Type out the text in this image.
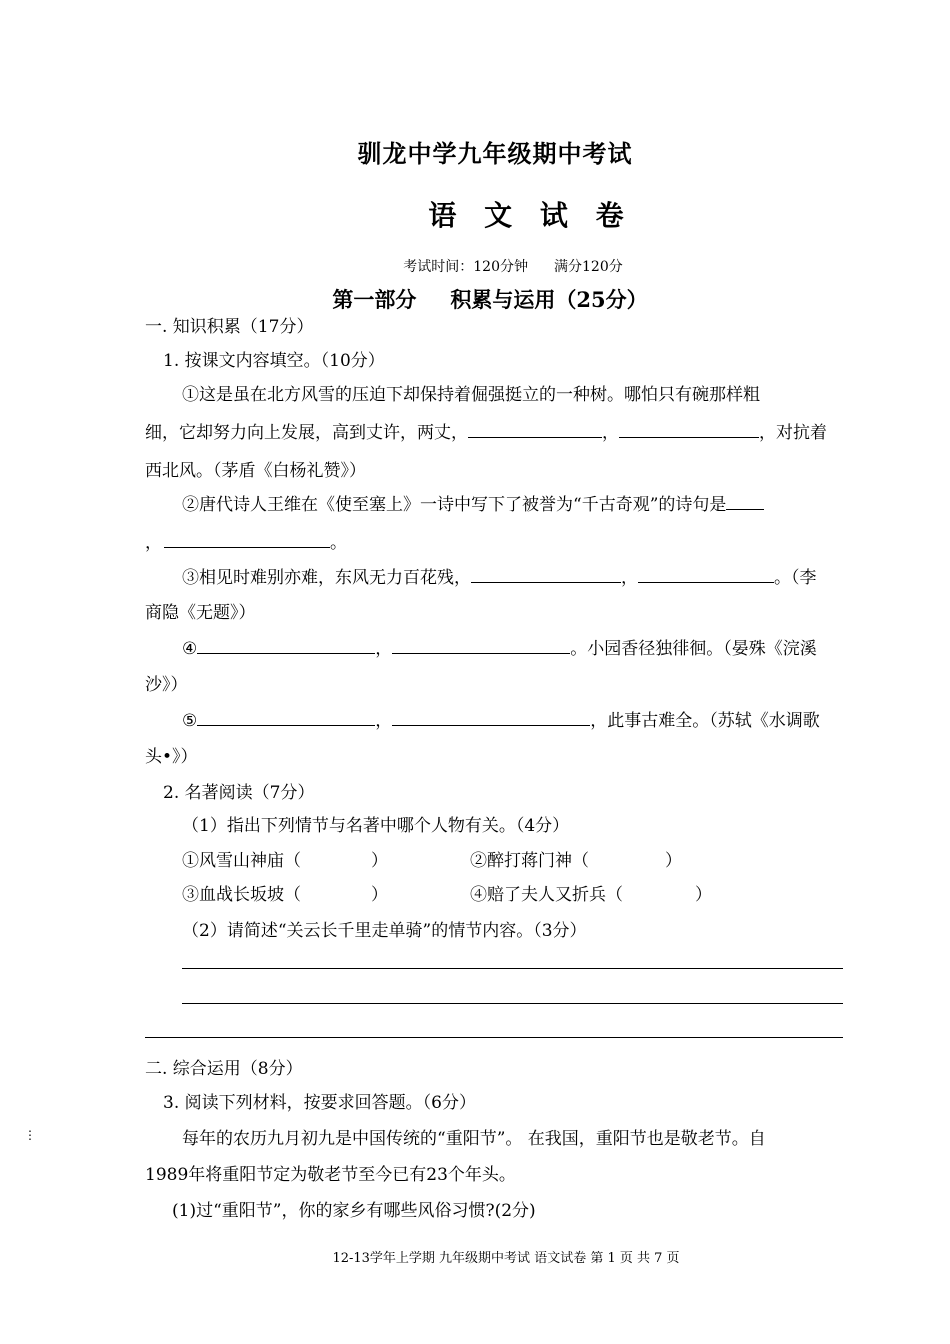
驯龙中学九年级期中考试
语 文 试 卷
考试时间：120分钟 满分120分
第一部分 积累与运用（25分）
一. 知识积累（17分）
1. 按课文内容填空。（10分）
①这是虽在北方风雪的压迫下却保持着倔强挺立的一种树。哪怕只有碗那样粗
细，它却努力向上发展，高到丈许，两丈，	，	，对抗着
西北风。（茅盾《白杨礼赞》）
②唐代诗人王维在《使至塞上》一诗中写下了被誉为“千古奇观”的诗句是
，	。
③相见时难别亦难，东风无力百花残，	，	。（李
商隐《无题》）
④	，	。小园香径独徘徊。（晏殊《浣溪
沙》）
⑤	，	，此事古难全。（苏轼《水调歌
头•》）
2. 名著阅读（7分）
（1）指出下列情节与名著中哪个人物有关。（4分）
①风雪山神庙（	）	②醉打蒋门神（	）
③血战长坂坡（	）	④赔了夫人又折兵（	）
（2）请简述“关云长千里走单骑”的情节内容。（3分）
二. 综合运用（8分）
3. 阅读下列材料，按要求回答题。（6分）
每年的农历九月初九是中国传统的“重阳节”。 在我国，重阳节也是敬老节。自
1989年将重阳节定为敬老节至今已有23个年头。
(1)过“重阳节”，你的家乡有哪些风俗习惯?(2分)
⋮
12-13学年上学期 九年级期中考试 语文试卷 第 1 页 共 7 页
